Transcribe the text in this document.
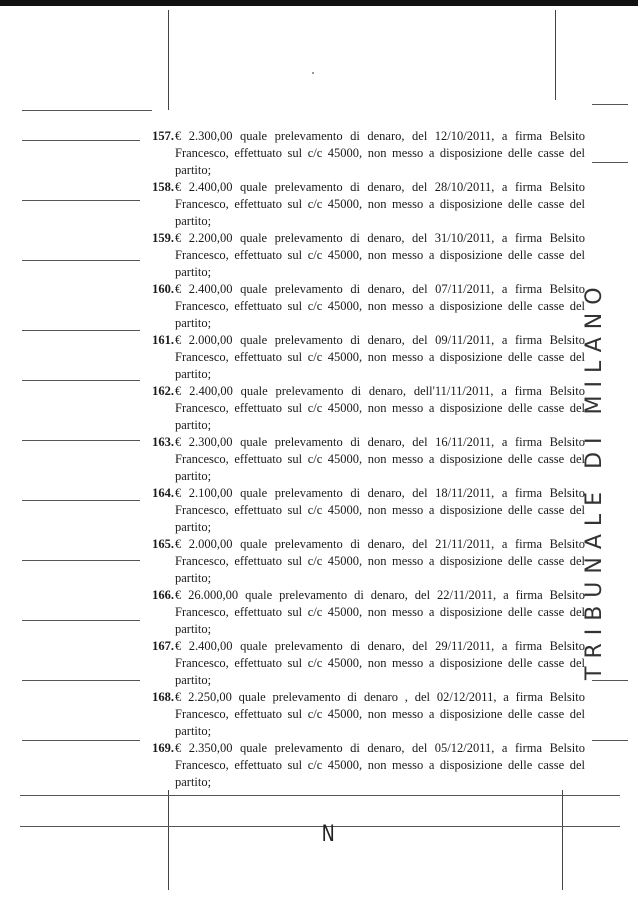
157. € 2.300,00 quale prelevamento di denaro, del 12/10/2011, a firma Belsito
Francesco, effettuato sul c/c 45000, non messo a disposizione delle casse del
partito;
158. € 2.400,00 quale prelevamento di denaro, del 28/10/2011, a firma Belsito
Francesco, effettuato sul c/c 45000, non messo a disposizione delle casse del
partito;
159. € 2.200,00 quale prelevamento di denaro, del 31/10/2011, a firma Belsito
Francesco, effettuato sul c/c 45000, non messo a disposizione delle casse del
partito;
160. € 2.400,00 quale prelevamento di denaro, del 07/11/2011, a firma Belsito
Francesco, effettuato sul c/c 45000, non messo a disposizione delle casse del
partito;
161. € 2.000,00 quale prelevamento di denaro, del 09/11/2011, a firma Belsito
Francesco, effettuato sul c/c 45000, non messo a disposizione delle casse del
partito;
162. € 2.400,00 quale prelevamento di denaro, dell'11/11/2011, a firma Belsito
Francesco, effettuato sul c/c 45000, non messo a disposizione delle casse del
partito;
163. € 2.300,00 quale prelevamento di denaro, del 16/11/2011, a firma Belsito
Francesco, effettuato sul c/c 45000, non messo a disposizione delle casse del
partito;
164. € 2.100,00 quale prelevamento di denaro, del 18/11/2011, a firma Belsito
Francesco, effettuato sul c/c 45000, non messo a disposizione delle casse del
partito;
165. € 2.000,00 quale prelevamento di denaro, del 21/11/2011, a firma Belsito
Francesco, effettuato sul c/c 45000, non messo a disposizione delle casse del
partito;
166. € 26.000,00 quale prelevamento di denaro, del 22/11/2011, a firma Belsito
Francesco, effettuato sul c/c 45000, non messo a disposizione delle casse del
partito;
167. € 2.400,00 quale prelevamento di denaro, del 29/11/2011, a firma Belsito
Francesco, effettuato sul c/c 45000, non messo a disposizione delle casse del
partito;
168. € 2.250,00 quale prelevamento di denaro , del 02/12/2011, a firma Belsito
Francesco, effettuato sul c/c 45000, non messo a disposizione delle casse del
partito;
169. € 2.350,00 quale prelevamento di denaro, del 05/12/2011, a firma Belsito
Francesco, effettuato sul c/c 45000, non messo a disposizione delle casse del
partito;
TRIBUNALE DI MILANO
N
